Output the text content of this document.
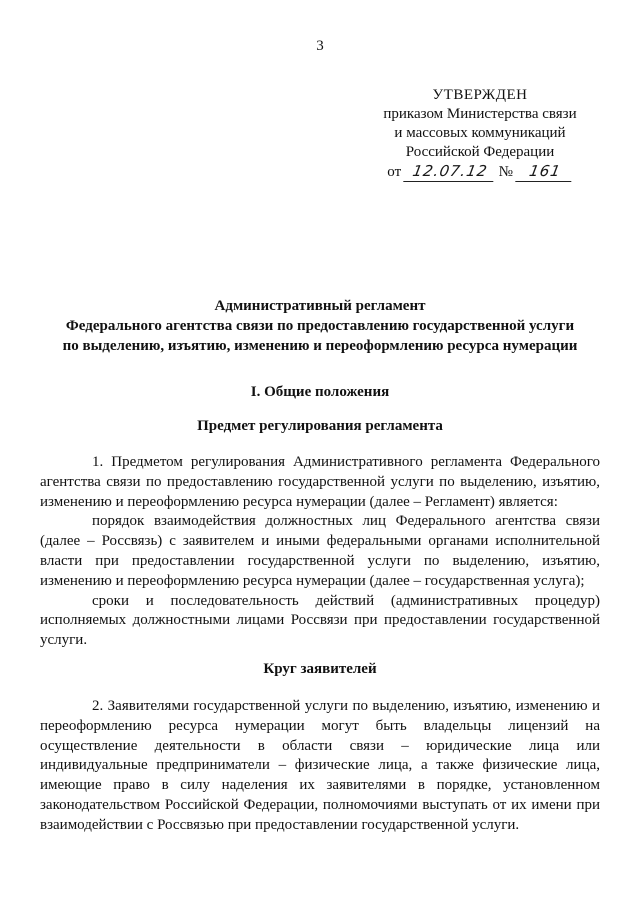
3
УТВЕРЖДЕН
приказом Министерства связи
и массовых коммуникаций
Российской Федерации
от 12.07.12 № 161
Административный регламент
Федерального агентства связи по предоставлению государственной услуги
по выделению, изъятию, изменению и переоформлению ресурса нумерации
I. Общие положения
Предмет регулирования регламента

1. Предметом регулирования Административного регламента Федерального агентства связи по предоставлению государственной услуги по выделению, изъятию, изменению и переоформлению ресурса нумерации (далее – Регламент) является:

порядок взаимодействия должностных лиц Федерального агентства связи (далее – Россвязь) с заявителем и иными федеральными органами исполнительной власти при предоставлении государственной услуги по выделению, изъятию, изменению и переоформлению ресурса нумерации (далее – государственная услуга);

сроки и последовательность действий (административных процедур) исполняемых должностными лицами Россвязи при предоставлении государственной услуги.

Круг заявителей

2. Заявителями государственной услуги по выделению, изъятию, изменению и переоформлению ресурса нумерации могут быть владельцы лицензий на осуществление деятельности в области связи – юридические лица или индивидуальные предприниматели – физические лица, а также физические лица, имеющие право в силу наделения их заявителями в порядке, установленном законодательством Российской Федерации, полномочиями выступать от их имени при взаимодействии с Россвязью при предоставлении государственной услуги.
